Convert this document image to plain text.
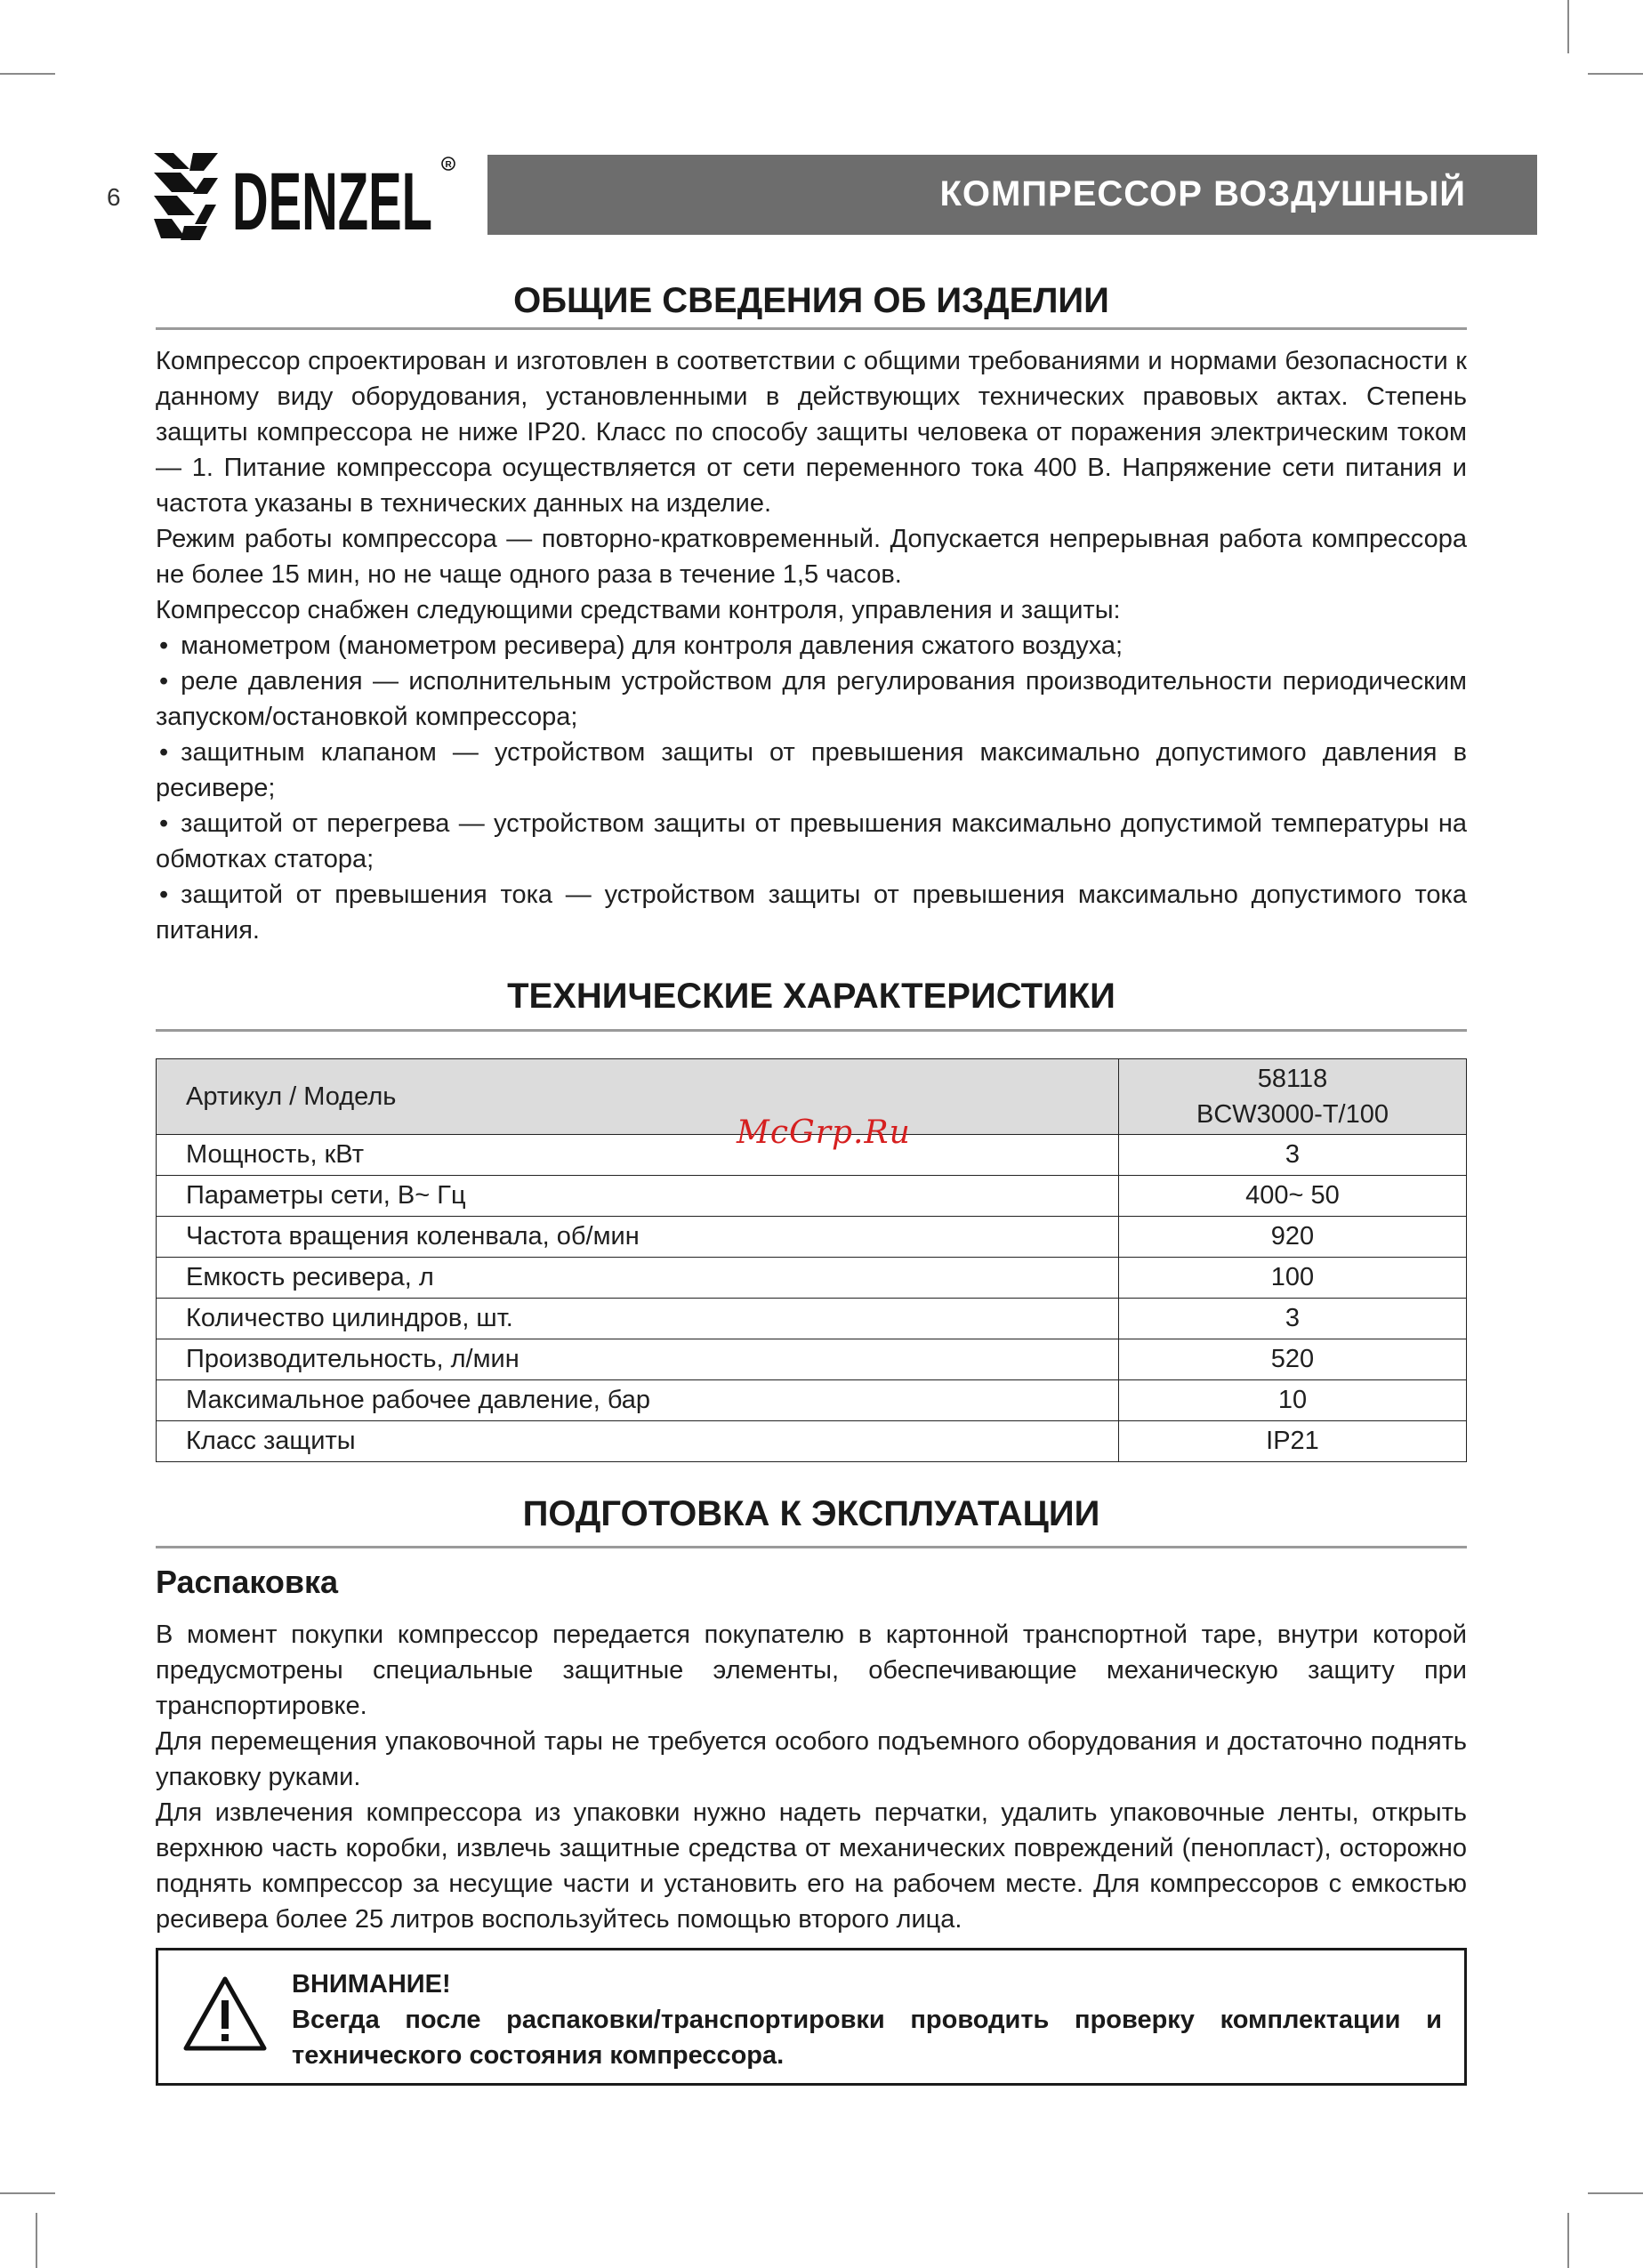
6 DENZEL R
КОМПРЕССОР ВОЗДУШНЫЙ
ОБЩИЕ СВЕДЕНИЯ ОБ ИЗДЕЛИИ

Компрессор спроектирован и изготовлен в соответствии с общими требованиями и нормами безопасности к данному виду оборудования, установленными в действующих технических правовых актах. Степень защиты компрессора не ниже IP20. Класс по способу защиты человека от поражения электрическим током — 1. Питание компрессора осуществляется от сети переменного тока 400 В. Напряжение сети питания и частота указаны в технических данных на изделие.

Режим работы компрессора — повторно-кратковременный. Допускается непрерывная работа компрессора не более 15 мин, но не чаще одного раза в течение 1,5 часов.

Компрессор снабжен следующими средствами контроля, управления и защиты:

• манометром (манометром ресивера) для контроля давления сжатого воздуха;
• реле давления — исполнительным устройством для регулирования производительности периодическим запуском/остановкой компрессора;
• защитным клапаном — устройством защиты от превышения максимально допустимого давления в ресивере;
• защитой от перегрева — устройством защиты от превышения максимально допустимой температуры на обмотках статора;
• защитой от превышения тока — устройством защиты от превышения максимально допустимого тока питания.
ТЕХНИЧЕСКИЕ ХАРАКТЕРИСТИКИ
Артикул / Модель	58118
BCW3000-T/100

Мощность, кВт	3
Параметры сети, В~ Гц	400~ 50
Частота вращения коленвала, об/мин	920
Емкость ресивера, л	100
Количество цилиндров, шт.	3
Производительность, л/мин	520
Максимальное рабочее давление, бар	10
Класс защиты	IP21
McGrp.Ru
ПОДГОТОВКА К ЭКСПЛУАТАЦИИ
Распаковка

В момент покупки компрессор передается покупателю в картонной транспортной таре, внутри которой предусмотрены специальные защитные элементы, обеспечивающие механическую защиту при транспортировке.

Для перемещения упаковочной тары не требуется особого подъемного оборудования и достаточно поднять упаковку руками.

Для извлечения компрессора из упаковки нужно надеть перчатки, удалить упаковочные ленты, открыть верхнюю часть коробки, извлечь защитные средства от механических повреждений (пенопласт), осторожно поднять компрессор за несущие части и установить его на рабочем месте. Для компрессоров с емкостью ресивера более 25 литров воспользуйтесь помощью второго лица.

ВНИМАНИЕ!
Всегда после распаковки/транспортировки проводить проверку комплектации и технического состояния компрессора.
